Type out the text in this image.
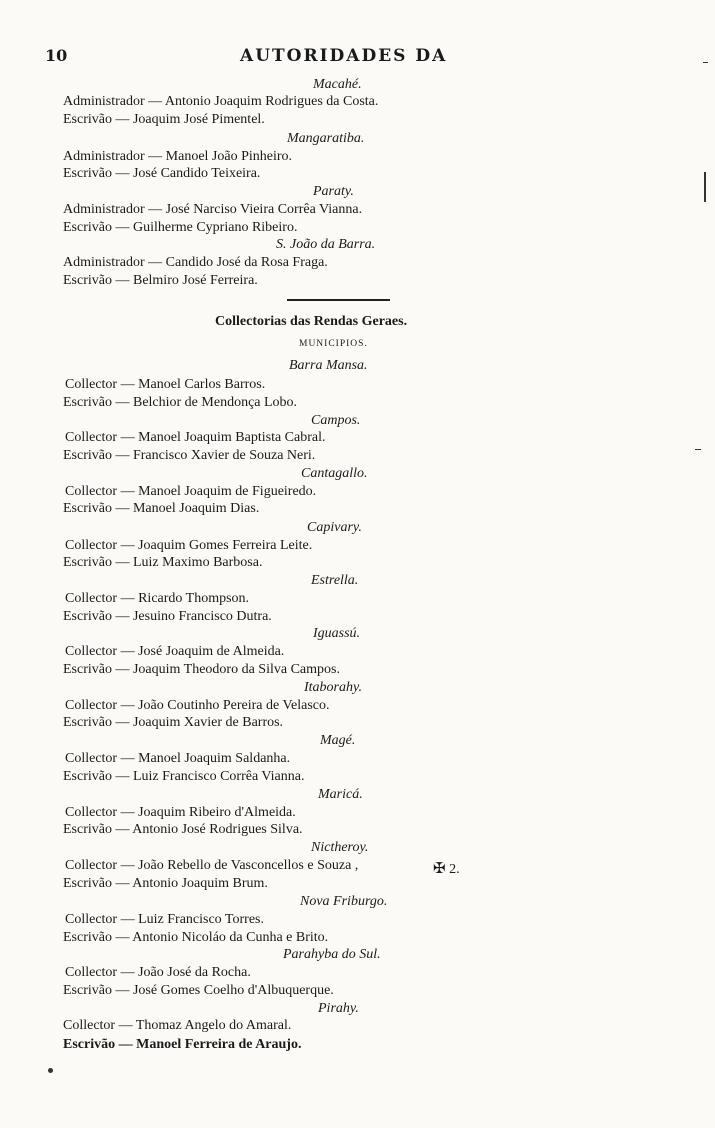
10	AUTORIDADES DA
Macahé.
Administrador — Antonio Joaquim Rodrigues da Costa.
Escrivão — Joaquim José Pimentel.
Mangaratiba.
Administrador — Manoel João Pinheiro.
Escrivão — José Candido Teixeira.
Paraty.
Administrador — José Narciso Vieira Corrêa Vianna.
Escrivão — Guilherme Cypriano Ribeiro.
S. João da Barra.
Administrador — Candido José da Rosa Fraga.
Escrivão — Belmiro José Ferreira.
Collectorias das Rendas Geraes.
MUNICIPIOS.
Barra Mansa.
Collector — Manoel Carlos Barros.
Escrivão — Belchior de Mendonça Lobo.
Campos.
Collector — Manoel Joaquim Baptista Cabral.
Escrivão — Francisco Xavier de Souza Neri.
Cantagallo.
Collector — Manoel Joaquim de Figueiredo.
Escrivão — Manoel Joaquim Dias.
Capivary.
Collector — Joaquim Gomes Ferreira Leite.
Escrivão — Luiz Maximo Barbosa.
Estrella.
Collector — Ricardo Thompson.
Escrivão — Jesuino Francisco Dutra.
Iguassú.
Collector — José Joaquim de Almeida.
Escrivão — Joaquim Theodoro da Silva Campos.
Itaborahy.
Collector — João Coutinho Pereira de Velasco.
Escrivão — Joaquim Xavier de Barros.
Magé.
Collector — Manoel Joaquim Saldanha.
Escrivão — Luiz Francisco Corrêa Vianna.
Maricá.
Collector — Joaquim Ribeiro d'Almeida.
Escrivão — Antonio José Rodrigues Silva.
Nictheroy.
Collector — João Rebello de Vasconcellos e Souza ,	✠ 2.
Escrivão — Antonio Joaquim Brum.
Nova Friburgo.
Collector — Luiz Francisco Torres.
Escrivão — Antonio Nicoláo da Cunha e Brito.
Parahyba do Sul.
Collector — João José da Rocha.
Escrivão — José Gomes Coelho d'Albuquerque.
Pirahy.
Collector — Thomaz Angelo do Amaral.
Escrivão — Manoel Ferreira de Araujo.
